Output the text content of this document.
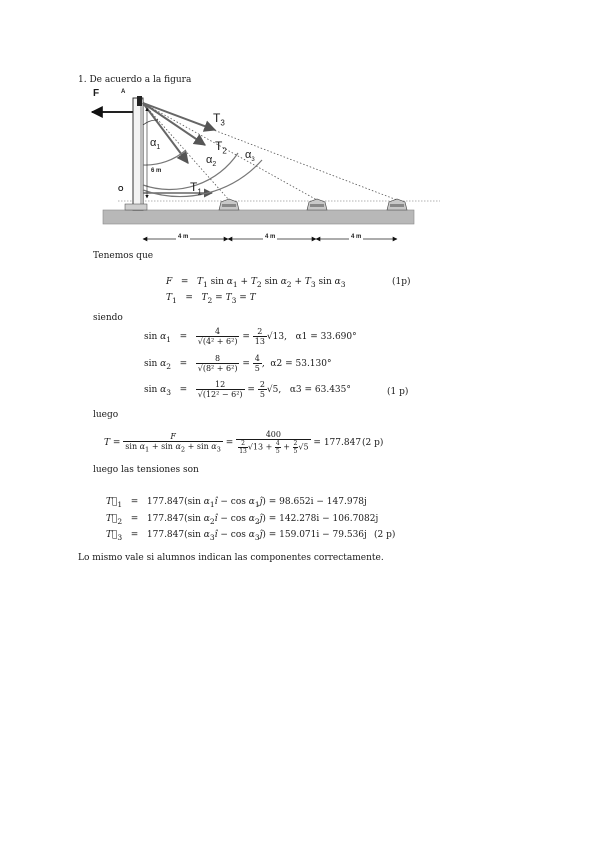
1. De acuerdo a la figura
F	A
O
$T_3$
$T_2$
$T_1$
$\alpha_1$
$\alpha_2$
$\alpha_3$
6 m
4 m	4 m	4 m
Tenemos que
$F = T_1$ $\sin \alpha_1 + T_2$ $\sin \alpha_2 + T_3$ $\sin \alpha_3$	(1p)
$T_1 = T_2 = T_3 = T$
siendo
$\sin \alpha_1 = \frac{4}{\text{√(4² + 6²)}} = \frac{2}{13} √13$,   α1 = 33.690°
$\sin \alpha_2 = \frac{8}{\text{√(8² + 6²)}} = \frac{4}{5}$ ,  α2 = 53.130°
$\sin \alpha_3 = \frac{12}{\text{√(12² − 6²)}} = \frac{2}{5} √5$,   α3 = 63.435°	(1 p)
luego
$T = \frac{F}{\sin \alpha_1 + \sin \alpha_2 + \sin \alpha_3} = \frac{400}{\frac{2}{13} √13 + \frac{4}{5} + \frac{2}{5} √5} = 177.847$ (2 p)
luego las tensiones son
$T⃗_1 = 177.847(\sin$ $\alpha_1î - \cos$ $\alpha_1ĵ) = 98.652i - 147.978j$
$T⃗_2 = 177.847(\sin$ $\alpha_2î - \cos$ $\alpha_2ĵ) = 142.278i - 106.7082j$
$T⃗_3 = 177.847(\sin$ $\alpha_3î - \cos$ $\alpha_3ĵ) = 159.071i - 79.536j$ (2 p)
Lo mismo vale si alumnos indican las componentes correctamente.
